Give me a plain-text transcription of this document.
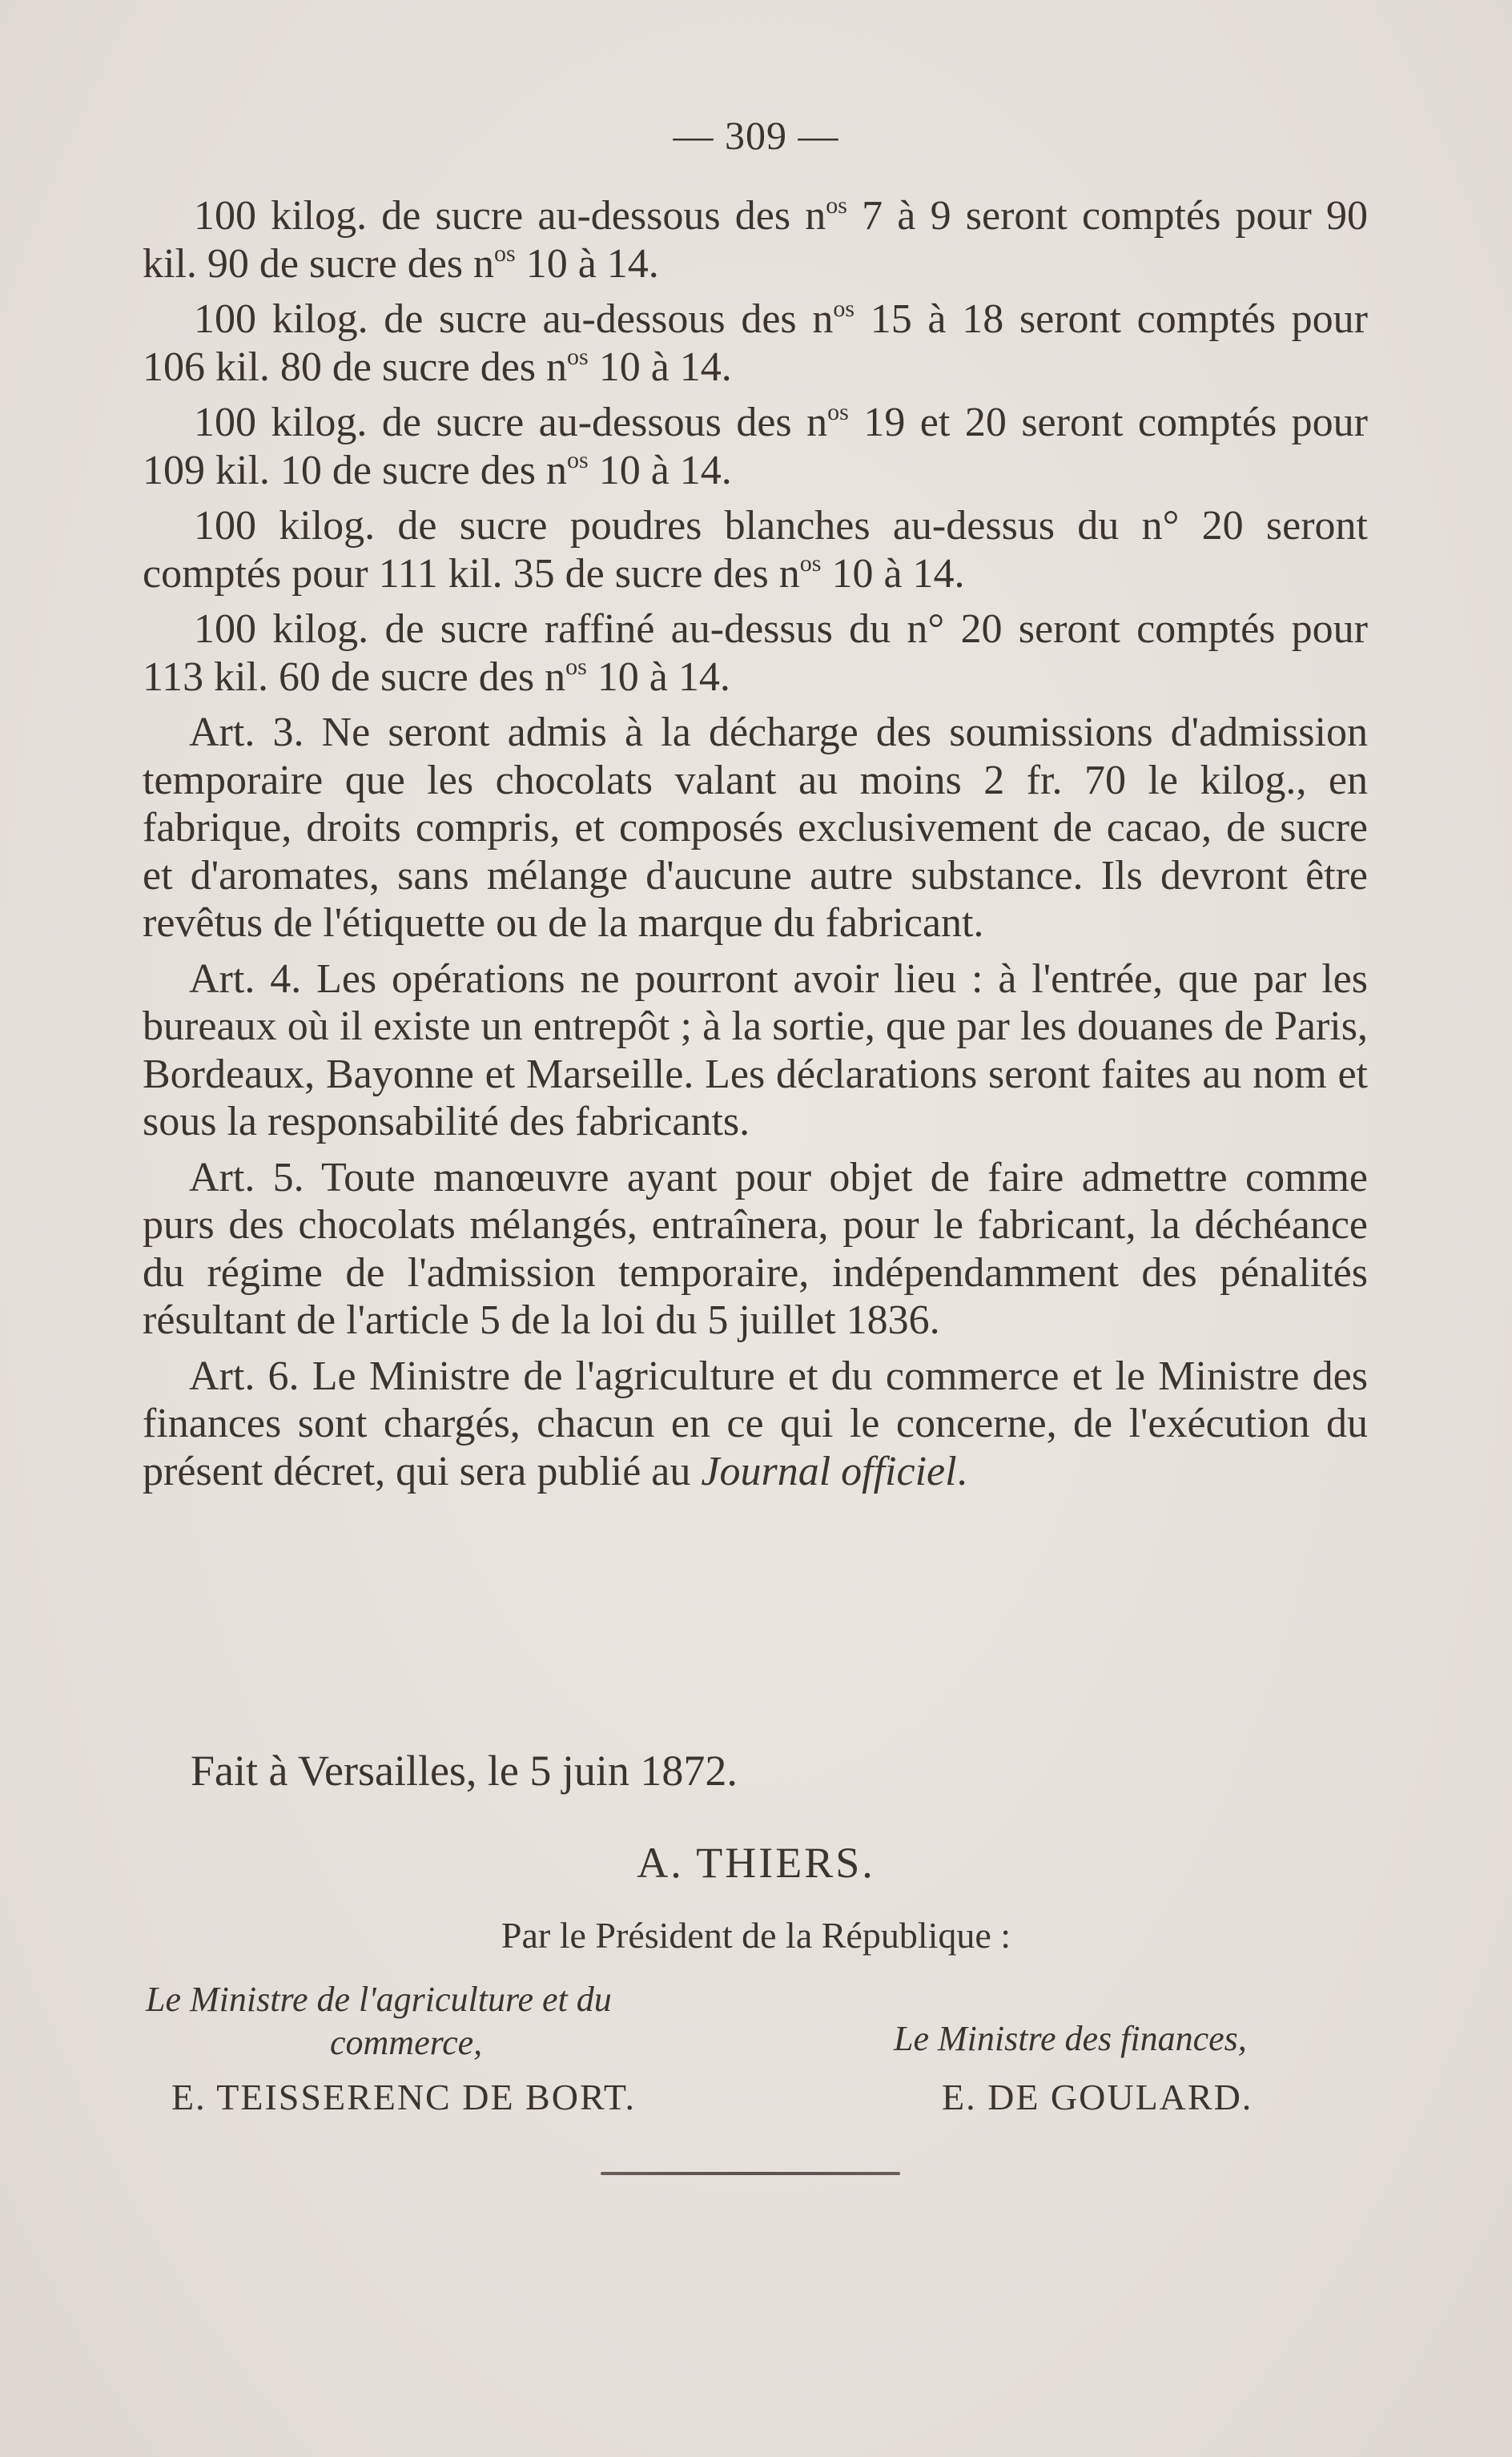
— 309 —

100 kilog. de sucre au-dessous des $n^{os}$ 7 à 9 seront comptés pour 90 kil. 90 de sucre des $n^{os}$ 10 à 14.

100 kilog. de sucre au-dessous des $n^{os}$ 15 à 18 seront comptés pour 106 kil. 80 de sucre des $n^{os}$ 10 à 14.

100 kilog. de sucre au-dessous des $n^{os}$ 19 et 20 seront comptés pour 109 kil. 10 de sucre des $n^{os}$ 10 à 14.

100 kilog. de sucre poudres blanches au-dessus du n° 20 seront comptés pour 111 kil. 35 de sucre des $n^{os}$ 10 à 14.

100 kilog. de sucre raffiné au-dessus du n° 20 seront comptés pour 113 kil. 60 de sucre des $n^{os}$ 10 à 14.

Art. 3. Ne seront admis à la décharge des soumissions d'admission temporaire que les chocolats valant au moins 2 fr. 70 le kilog., en fabrique, droits compris, et composés exclusivement de cacao, de sucre et d'aromates, sans mélange d'aucune autre substance. Ils devront être revêtus de l'étiquette ou de la marque du fabricant.

Art. 4. Les opérations ne pourront avoir lieu : à l'entrée, que par les bureaux où il existe un entrepôt ; à la sortie, que par les douanes de Paris, Bordeaux, Bayonne et Marseille. Les déclarations seront faites au nom et sous la responsabilité des fabricants.

Art. 5. Toute manœuvre ayant pour objet de faire admettre comme purs des chocolats mélangés, entraînera, pour le fabricant, la déchéance du régime de l'admission temporaire, indépendamment des pénalités résultant de l'article 5 de la loi du 5 juillet 1836.

Art. 6. Le Ministre de l'agriculture et du commerce et le Ministre des finances sont chargés, chacun en ce qui le concerne, de l'exécution du présent décret, qui sera publié au Journal officiel.

Fait à Versailles, le 5 juin 1872.
A. THIERS.
Par le Président de la République :
Le Ministre de l'agriculture et du
commerce,	Le Ministre des finances,
E. TEISSERENC DE BORT.	E. DE GOULARD.
